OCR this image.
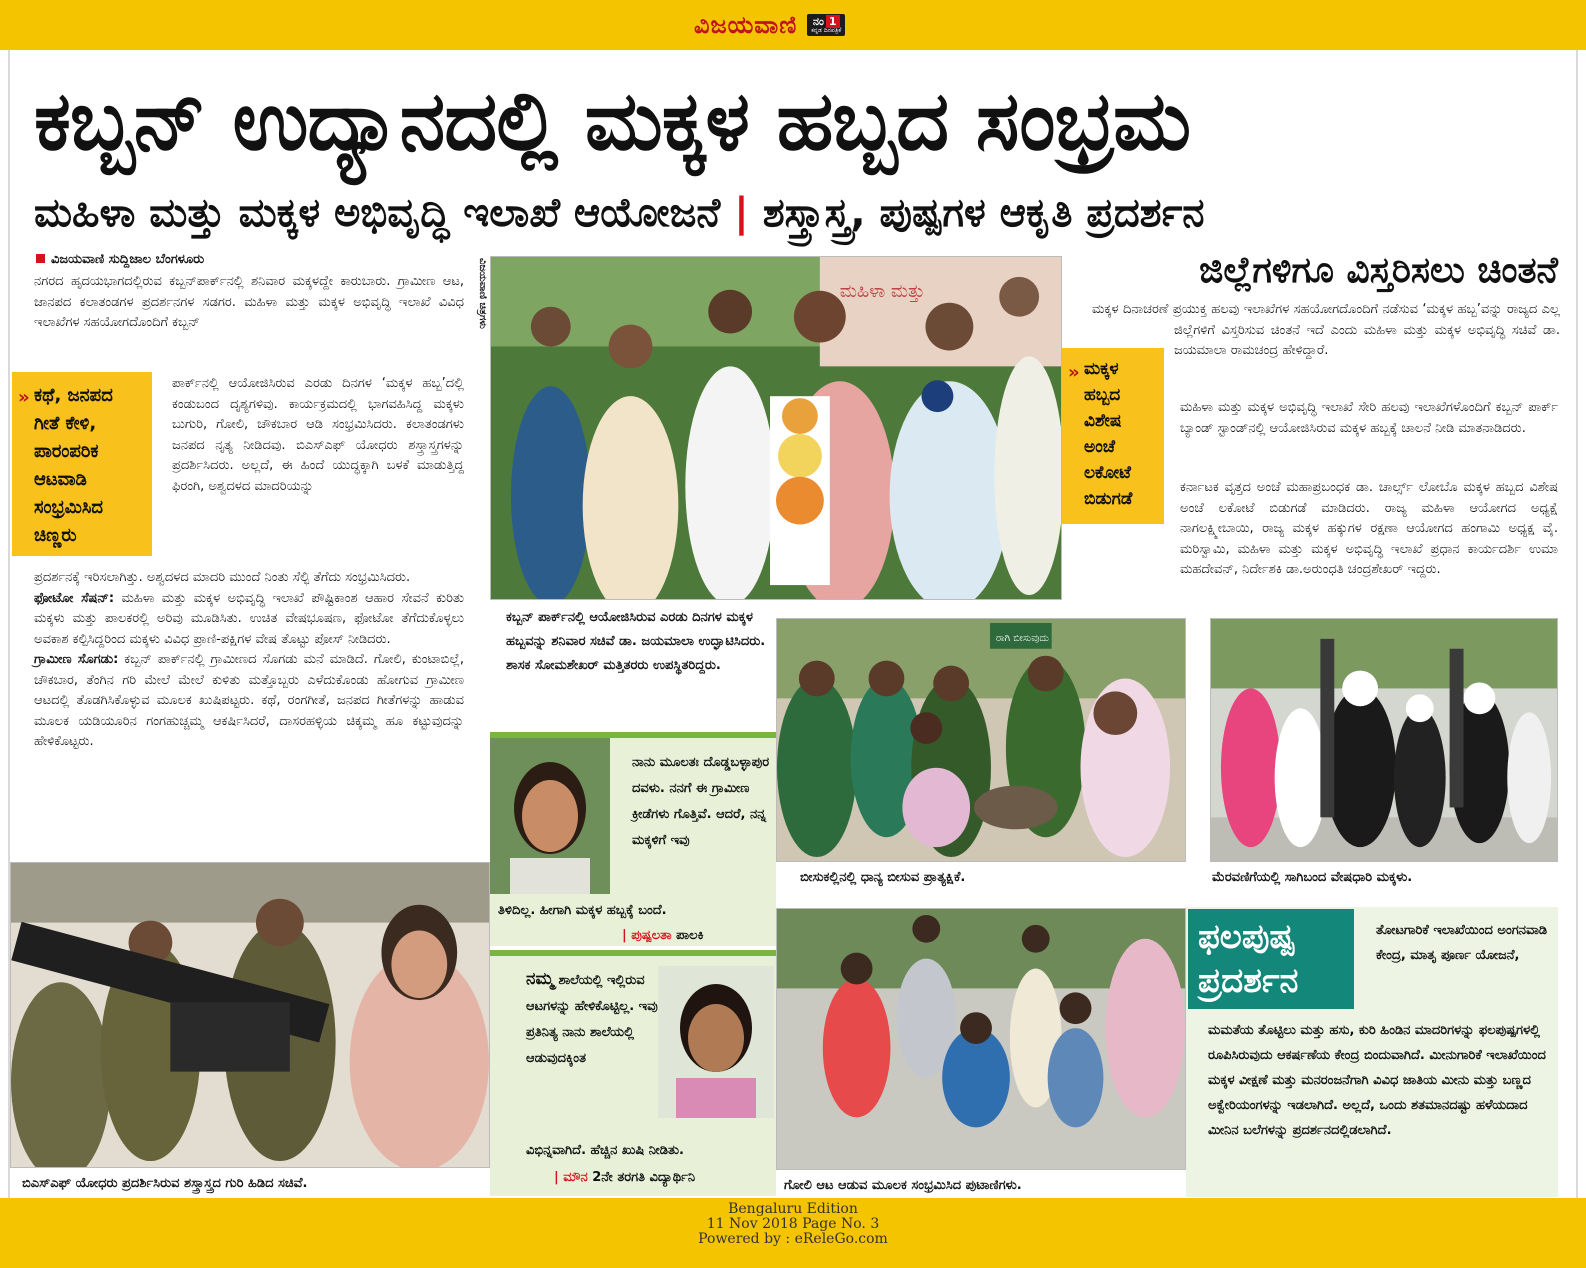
ವಿಜಯವಾಣಿ	ನಂ 1
ಕನ್ನಡ ದಿನಪತ್ರಿಕೆ
ಕಬ್ಬನ್ ಉದ್ಯಾನದಲ್ಲಿ ಮಕ್ಕಳ ಹಬ್ಬದ ಸಂಭ್ರಮ
ಮಹಿಳಾ ಮತ್ತು ಮಕ್ಕಳ ಅಭಿವೃದ್ಧಿ ಇಲಾಖೆ ಆಯೋಜನೆ | ಶಸ್ತ್ರಾಸ್ತ್ರ, ಪುಷ್ಪಗಳ ಆಕೃತಿ ಪ್ರದರ್ಶನ
ಜಿಲ್ಲೆಗಳಿಗೂ ವಿಸ್ತರಿಸಲು ಚಿಂತನೆ
ವಿಜಯವಾಣಿ ಸುದ್ದಿಜಾಲ ಬೆಂಗಳೂರು	ವಿಜಯವಾಣಿ ಚಿತ್ರಗಳು

ನಗರದ ಹೃದಯಭಾಗದಲ್ಲಿರುವ ಕಬ್ಬನ್‌ಪಾರ್ಕ್‌ನಲ್ಲಿ ಶನಿವಾರ ಮಕ್ಕಳದ್ದೇ ಕಾರುಬಾರು. ಗ್ರಾಮೀಣ ಆಟ, ಜಾನಪದ ಕಲಾತಂಡಗಳ ಪ್ರದರ್ಶನಗಳ ಸಡಗರ. ಮಹಿಳಾ ಮತ್ತು ಮಕ್ಕಳ ಅಭಿವೃದ್ಧಿ ಇಲಾಖೆ ವಿವಿಧ ಇಲಾಖೆಗಳ ಸಹಯೋಗದೊಂದಿಗೆ ಕಬ್ಬನ್

ಪಾರ್ಕ್‌ನಲ್ಲಿ ಆಯೋಜಿಸಿರುವ ಎರಡು ದಿನಗಳ ‘ಮಕ್ಕಳ ಹಬ್ಬ’ದಲ್ಲಿ ಕಂಡುಬಂದ ದೃಶ್ಯಗಳಿವು. ಕಾರ್ಯಕ್ರಮದಲ್ಲಿ ಭಾಗವಹಿಸಿದ್ದ ಮಕ್ಕಳು ಬುಗುರಿ, ಗೋಲಿ, ಚೌಕಬಾರ ಆಡಿ ಸಂಭ್ರಮಿಸಿದರು. ಕಲಾತಂಡಗಳು ಜನಪದ ನೃತ್ಯ ನೀಡಿದವು. ಬಿಎಸ್‌ಎಫ್ ಯೋಧರು ಶಸ್ತ್ರಾಸ್ತ್ರಗಳನ್ನು ಪ್ರದರ್ಶಿಸಿದರು. ಅಲ್ಲದೆ, ಈ ಹಿಂದೆ ಯುದ್ಧಕ್ಕಾಗಿ ಬಳಕೆ ಮಾಡುತ್ತಿದ್ದ ಫಿರಂಗಿ, ಅಶ್ವದಳದ ಮಾದರಿಯನ್ನು

ಪ್ರದರ್ಶನಕ್ಕೆ ಇರಿಸಲಾಗಿತ್ತು. ಅಶ್ವದಳದ ಮಾದರಿ ಮುಂದೆ ನಿಂತು ಸೆಲ್ಫಿ ತೆಗೆದು ಸಂಭ್ರಮಿಸಿದರು.

ಫೋಟೋ ಸೆಷನ್: ಮಹಿಳಾ ಮತ್ತು ಮಕ್ಕಳ ಅಭಿವೃದ್ಧಿ ಇಲಾಖೆ ಪೌಷ್ಟಿಕಾಂಶ ಆಹಾರ ಸೇವನೆ ಕುರಿತು ಮಕ್ಕಳು ಮತ್ತು ಪಾಲಕರಲ್ಲಿ ಅರಿವು ಮೂಡಿಸಿತು. ಉಚಿತ ವೇಷಭೂಷಣ, ಫೋಟೋ ತೆಗೆದುಕೊಳ್ಳಲು ಅವಕಾಶ ಕಲ್ಪಿಸಿದ್ದರಿಂದ ಮಕ್ಕಳು ವಿವಿಧ ಪ್ರಾಣಿ-ಪಕ್ಷಿಗಳ ವೇಷ ತೊಟ್ಟು ಪೋಸ್ ನೀಡಿದರು.

ಗ್ರಾಮೀಣ ಸೊಗಡು: ಕಬ್ಬನ್ ಪಾರ್ಕ್‌ನಲ್ಲಿ ಗ್ರಾಮೀಣದ ಸೊಗಡು ಮನೆ ಮಾಡಿದೆ. ಗೋಲಿ, ಕುಂಟಾಬಿಲ್ಲೆ, ಚೌಕಬಾರ, ತೆಂಗಿನ ಗರಿ ಮೇಲೆ ಮೇಲೆ ಕುಳಿತು ಮತ್ತೊಬ್ಬರು ಎಳೆದುಕೊಂಡು ಹೋಗುವ ಗ್ರಾಮೀಣ ಆಟದಲ್ಲಿ ತೊಡಗಿಸಿಕೊಳ್ಳುವ ಮೂಲಕ ಖುಷಿಪಟ್ಟರು. ಕಥೆ, ರಂಗಗೀತೆ, ಜನಪದ ಗೀತೆಗಳನ್ನು ಹಾಡುವ ಮೂಲಕ ಯಡಿಯೂರಿನ ಗಂಗಹುಚ್ಚಮ್ಮ ಆಕರ್ಷಿಸಿದರೆ, ದಾಸರಹಳ್ಳಿಯ ಚಿಕ್ಕಮ್ಮ ಹೂ ಕಟ್ಟುವುದನ್ನು ಹೇಳಿಕೊಟ್ಟರು.

» ಕಥೆ, ಜನಪದ ಗೀತೆ ಕೇಳಿ, ಪಾರಂಪರಿಕ ಆಟವಾಡಿ ಸಂಭ್ರಮಿಸಿದ ಚಿಣ್ಣರು
ಮಹಿಳಾ ಮತ್ತು
ಕಬ್ಬನ್ ಪಾರ್ಕ್‌ನಲ್ಲಿ ಆಯೋಜಿಸಿರುವ ಎರಡು ದಿನಗಳ ಮಕ್ಕಳ ಹಬ್ಬವನ್ನು ಶನಿವಾರ ಸಚಿವೆ ಡಾ. ಜಯಮಾಲಾ ಉದ್ಘಾಟಿಸಿದರು. ಶಾಸಕ ಸೋಮಶೇಖರ್ ಮತ್ತಿತರರು ಉಪಸ್ಥಿತರಿದ್ದರು.
» ಮಕ್ಕಳ ಹಬ್ಬದ ವಿಶೇಷ ಅಂಚೆ ಲಕೋಟೆ ಬಿಡುಗಡೆ

ಮಕ್ಕಳ ದಿನಾಚರಣೆ ಪ್ರಯುಕ್ತ ಹಲವು ಇಲಾಖೆಗಳ ಸಹಯೋಗದೊಂದಿಗೆ ನಡೆಸುವ ‘ಮಕ್ಕಳ ಹಬ್ಬ’ವನ್ನು ರಾಜ್ಯದ ಎಲ್ಲ ಜಿಲ್ಲೆಗಳಿಗೆ ವಿಸ್ತರಿಸುವ ಚಿಂತನೆ ಇದೆ ಎಂದು ಮಹಿಳಾ ಮತ್ತು ಮಕ್ಕಳ ಅಭಿವೃದ್ಧಿ ಸಚಿವೆ ಡಾ. ಜಯಮಾಲಾ ರಾಮಚಂದ್ರ ಹೇಳಿದ್ದಾರೆ.

ಮಹಿಳಾ ಮತ್ತು ಮಕ್ಕಳ ಅಭಿವೃದ್ಧಿ ಇಲಾಖೆ ಸೇರಿ ಹಲವು ಇಲಾಖೆಗಳೊಂದಿಗೆ ಕಬ್ಬನ್ ಪಾರ್ಕ್ ಬ್ಯಾಂಡ್ ಸ್ಟಾಂಡ್‌ನಲ್ಲಿ ಆಯೋಜಿಸಿರುವ ಮಕ್ಕಳ ಹಬ್ಬಕ್ಕೆ ಚಾಲನೆ ನೀಡಿ ಮಾತನಾಡಿದರು.

ಕರ್ನಾಟಕ ವೃತ್ತದ ಅಂಚೆ ಮಹಾಪ್ರಬಂಧಕ ಡಾ. ಚಾರ್ಲ್ಸ್ ಲೋಬೊ ಮಕ್ಕಳ ಹಬ್ಬದ ವಿಶೇಷ ಅಂಚೆ ಲಕೋಟೆ ಬಿಡುಗಡೆ ಮಾಡಿದರು. ರಾಜ್ಯ ಮಹಿಳಾ ಆಯೋಗದ ಅಧ್ಯಕ್ಷೆ ನಾಗಲಕ್ಷ್ಮೀಬಾಯಿ, ರಾಜ್ಯ ಮಕ್ಕಳ ಹಕ್ಕುಗಳ ರಕ್ಷಣಾ ಆಯೋಗದ ಹಂಗಾಮಿ ಅಧ್ಯಕ್ಷ ವೈ. ಮರಿಸ್ವಾಮಿ, ಮಹಿಳಾ ಮತ್ತು ಮಕ್ಕಳ ಅಭಿವೃದ್ಧಿ ಇಲಾಖೆ ಪ್ರಧಾನ ಕಾರ್ಯದರ್ಶಿ ಉಮಾ ಮಹದೇವನ್, ನಿರ್ದೇಶಕಿ ಡಾ.ಅರುಂಧತಿ ಚಂದ್ರಶೇಖರ್ ಇದ್ದರು.

ನಾನು ಮೂಲತಃ ದೊಡ್ಡಬಳ್ಳಾಪುರ ದವಳು. ನನಗೆ ಈ ಗ್ರಾಮೀಣ ಕ್ರೀಡೆಗಳು ಗೊತ್ತಿವೆ. ಆದರೆ, ನನ್ನ ಮಕ್ಕಳಿಗೆ ಇವು
ತಿಳಿದಿಲ್ಲ. ಹೀಗಾಗಿ ಮಕ್ಕಳ ಹಬ್ಬಕ್ಕೆ ಬಂದೆ.
| ಪುಷ್ಪಲತಾ ಪಾಲಕಿ
ನಮ್ಮ ಶಾಲೆಯಲ್ಲಿ ಇಲ್ಲಿರುವ ಆಟಗಳನ್ನು ಹೇಳಿಕೊಟ್ಟಿಲ್ಲ. ಇವು ಪ್ರತಿನಿತ್ಯ ನಾನು ಶಾಲೆಯಲ್ಲಿ ಆಡುವುದಕ್ಕಿಂತ
ವಿಭಿನ್ನವಾಗಿದೆ. ಹೆಚ್ಚಿನ ಖುಷಿ ನೀಡಿತು.
| ಮೌನ 2ನೇ ತರಗತಿ ವಿದ್ಯಾರ್ಥಿನಿ
ರಾಗಿ ಬೀಸುವುದು
ಬೀಸುಕಲ್ಲಿನಲ್ಲಿ ಧಾನ್ಯ ಬೀಸುವ ಪ್ರಾತ್ಯಕ್ಷಿಕೆ.	ಮೆರವಣಿಗೆಯಲ್ಲಿ ಸಾಗಿಬಂದ ವೇಷಧಾರಿ ಮಕ್ಕಳು.
ಬಿಎಸ್‌ಎಫ್ ಯೋಧರು ಪ್ರದರ್ಶಿಸಿರುವ ಶಸ್ತ್ರಾಸ್ತ್ರದ ಗುರಿ ಹಿಡಿದ ಸಚಿವೆ.	ಗೋಲಿ ಆಟ ಆಡುವ ಮೂಲಕ ಸಂಭ್ರಮಿಸಿದ ಪುಟಾಣಿಗಳು.
ಫಲಪುಷ್ಪ
ಪ್ರದರ್ಶನ
ತೋಟಗಾರಿಕೆ ಇಲಾಖೆಯಿಂದ ಅಂಗನವಾಡಿ ಕೇಂದ್ರ, ಮಾತೃ ಪೂರ್ಣ ಯೋಜನೆ,
ಮಮತೆಯ ತೊಟ್ಟಿಲು ಮತ್ತು ಹಸು, ಕುರಿ ಹಿಂಡಿನ ಮಾದರಿಗಳನ್ನು ಫಲಪುಷ್ಪಗಳಲ್ಲಿ ರೂಪಿಸಿರುವುದು ಆಕರ್ಷಣೆಯ ಕೇಂದ್ರ ಬಿಂದುವಾಗಿದೆ. ಮೀನುಗಾರಿಕೆ ಇಲಾಖೆಯಿಂದ ಮಕ್ಕಳ ವೀಕ್ಷಣೆ ಮತ್ತು ಮನರಂಜನೆಗಾಗಿ ವಿವಿಧ ಜಾತಿಯ ಮೀನು ಮತ್ತು ಬಣ್ಣದ ಅಕ್ವೇರಿಯಂಗಳನ್ನು ಇಡಲಾಗಿದೆ. ಅಲ್ಲದೆ, ಒಂದು ಶತಮಾನದಷ್ಟು ಹಳೆಯದಾದ ಮೀನಿನ ಬಲೆಗಳನ್ನು ಪ್ರದರ್ಶನದಲ್ಲಿಡಲಾಗಿದೆ.
Bengaluru Edition
11 Nov 2018 Page No. 3
Powered by : eReleGo.com
